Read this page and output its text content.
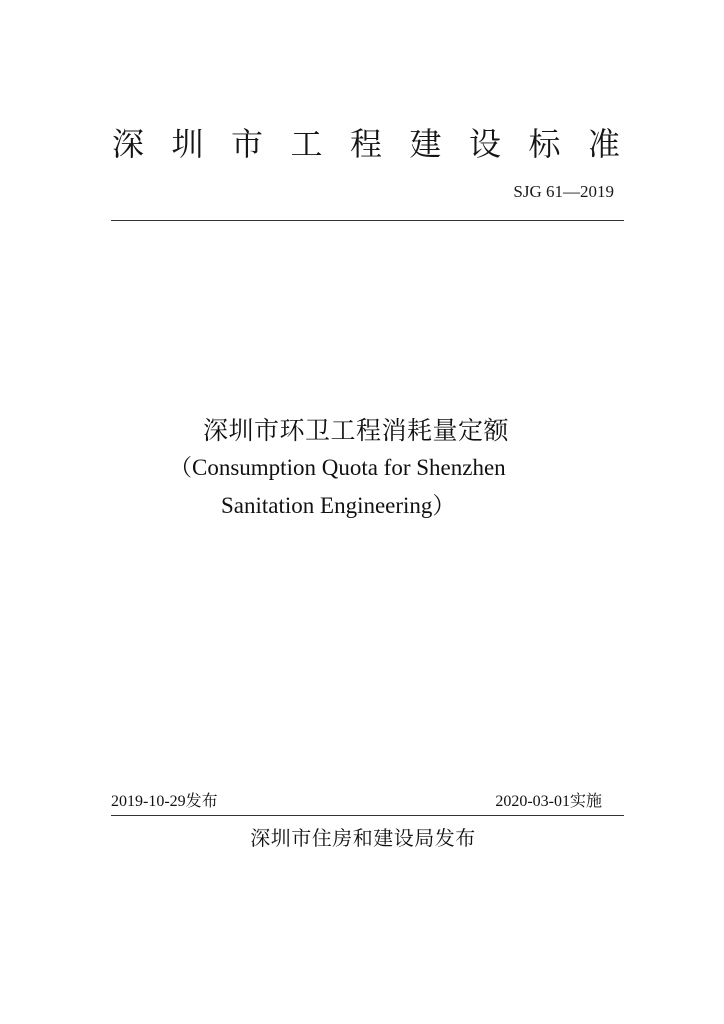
深 圳 市 工 程 建 设 标 准
SJG 61—2019
深圳市环卫工程消耗量定额
（Consumption Quota for Shenzhen
Sanitation Engineering）
2019-10-29发布	2020-03-01实施
深圳市住房和建设局发布
